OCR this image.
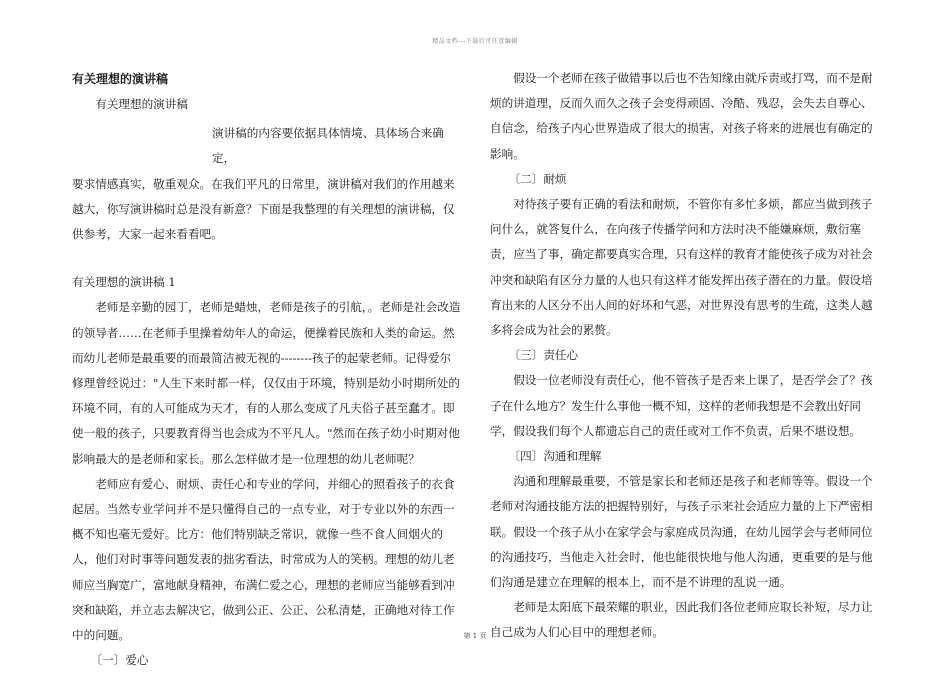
精品文档---下载后可任意编辑

有关理想的演讲稿

有关理想的演讲稿

演讲稿的内容要依据具体情境、具体场合来确定，

要求情感真实，敬重观众。在我们平凡的日常里，演讲稿对我们的作用越来越大，你写演讲稿时总是没有新意？下面是我整理的有关理想的演讲稿，仅供参考，大家一起来看看吧。

有关理想的演讲稿 1

老师是辛勤的园丁，老师是蜡烛，老师是孩子的引航，。老师是社会改造的领导者……在老师手里操着幼年人的命运，便操着民族和人类的命运。然而幼儿老师是最重要的而最简洁被无视的--------孩子的起蒙老师。记得爱尔修理曾经说过："人生下来时都一样，仅仅由于环境，特别是幼小时期所处的环境不同，有的人可能成为天才，有的人那么变成了凡夫俗子甚至蠢才。即使一般的孩子，只要教育得当也会成为不平凡人。"然而在孩子幼小时期对他影响最大的是老师和家长。那么怎样做才是一位理想的幼儿老师呢？

老师应有爱心、耐烦、责任心和专业的学问，并细心的照看孩子的衣食起居。当然专业学问并不是只懂得自己的一点专业，对于专业以外的东西一概不知也毫无爱好。比方：他们特别缺乏常识，就像一些不食人间烟火的人，他们对时事等问题发表的拙劣看法，时常成为人的笑柄。理想的幼儿老师应当胸宽广，富地献身精神，布满仁爱之心，理想的老师应当能够看到冲突和缺陷，并立志去解决它，做到公正、公正、公私清楚，正确地对待工作中的问题。

〔一〕爱心

假设一个老师在孩子做错事以后也不告知缘由就斥责或打骂，而不是耐烦的讲道理，反而久而久之孩子会变得顽固、冷酷、残忍，会失去自尊心、自信念，给孩子内心世界造成了很大的损害，对孩子将来的进展也有确定的影响。

〔二〕耐烦

对待孩子要有正确的看法和耐烦，不管你有多忙多烦，都应当做到孩子问什么，就答复什么，在向孩子传播学问和方法时决不能嫌麻烦，敷衍塞责，应当了事，确定都要真实合理，只有这样的教育才能使孩子成为对社会冲突和缺陷有区分力量的人也只有这样才能发挥出孩子潜在的力量。假设培育出来的人区分不出人间的好坏和气恶，对世界没有思考的生疏，这类人越多将会成为社会的累赘。

〔三〕责任心

假设一位老师没有责任心，他不管孩子是否来上课了，是否学会了？孩子在什么地方？发生什么事他一概不知，这样的老师我想是不会教出好同学，假设我们每个人都遗忘自己的责任或对工作不负责，后果不堪设想。

〔四〕沟通和理解

沟通和理解最重要，不管是家长和老师还是孩子和老师等等。假设一个老师对沟通技能方法的把握特别好，与孩子示来社会适应力量的上下严密相联。假设一个孩子从小在家学会与家庭成员沟通，在幼儿园学会与老师同位的沟通技巧，当他走入社会时，他也能很快地与他人沟通，更重要的是与他们沟通是建立在理解的根本上，而不是不讲理的乱说一通。

老师是太阳底下最荣耀的职业，因此我们各位老师应取长补短，尽力让自己成为人们心目中的理想老师。

第 1 页
